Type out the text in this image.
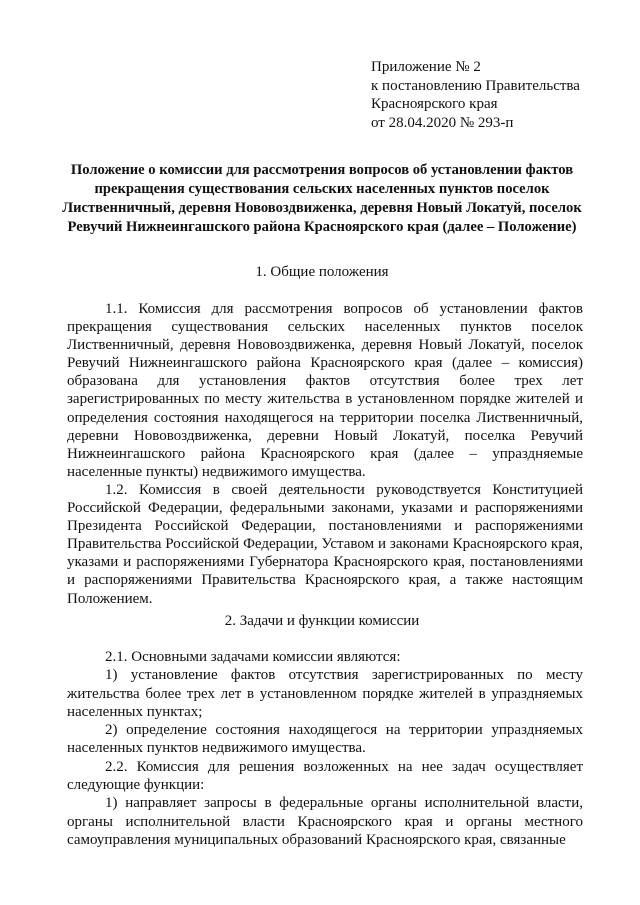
Приложение № 2
к постановлению Правительства
Красноярского края
от 28.04.2020 № 293-п
Положение о комиссии для рассмотрения вопросов об установлении фактов прекращения существования сельских населенных пунктов поселок Лиственничный, деревня Нововоздвиженка, деревня Новый Локатуй, поселок Ревучий Нижнеингашского района Красноярского края (далее – Положение)
1. Общие положения

1.1. Комиссия для рассмотрения вопросов об установлении фактов прекращения существования сельских населенных пунктов поселок Лиственничный, деревня Нововоздвиженка, деревня Новый Локатуй, поселок Ревучий Нижнеингашского района Красноярского края (далее – комиссия) образована для установления фактов отсутствия более трех лет зарегистрированных по месту жительства в установленном порядке жителей и определения состояния находящегося на территории поселка Лиственничный, деревни Нововоздвиженка, деревни Новый Локатуй, поселка Ревучий Нижнеингашского района Красноярского края (далее – упраздняемые населенные пункты) недвижимого имущества.

1.2. Комиссия в своей деятельности руководствуется Конституцией Российской Федерации, федеральными законами, указами и распоряжениями Президента Российской Федерации, постановлениями и распоряжениями Правительства Российской Федерации, Уставом и законами Красноярского края, указами и распоряжениями Губернатора Красноярского края, постановлениями и распоряжениями Правительства Красноярского края, а также настоящим Положением.

2. Задачи и функции комиссии

2.1. Основными задачами комиссии являются:

1) установление фактов отсутствия зарегистрированных по месту жительства более трех лет в установленном порядке жителей в упраздняемых населенных пунктах;

2) определение состояния находящегося на территории упраздняемых населенных пунктов недвижимого имущества.

2.2. Комиссия для решения возложенных на нее задач осуществляет следующие функции:

1) направляет запросы в федеральные органы исполнительной власти, органы исполнительной власти Красноярского края и органы местного самоуправления муниципальных образований Красноярского края, связанные
